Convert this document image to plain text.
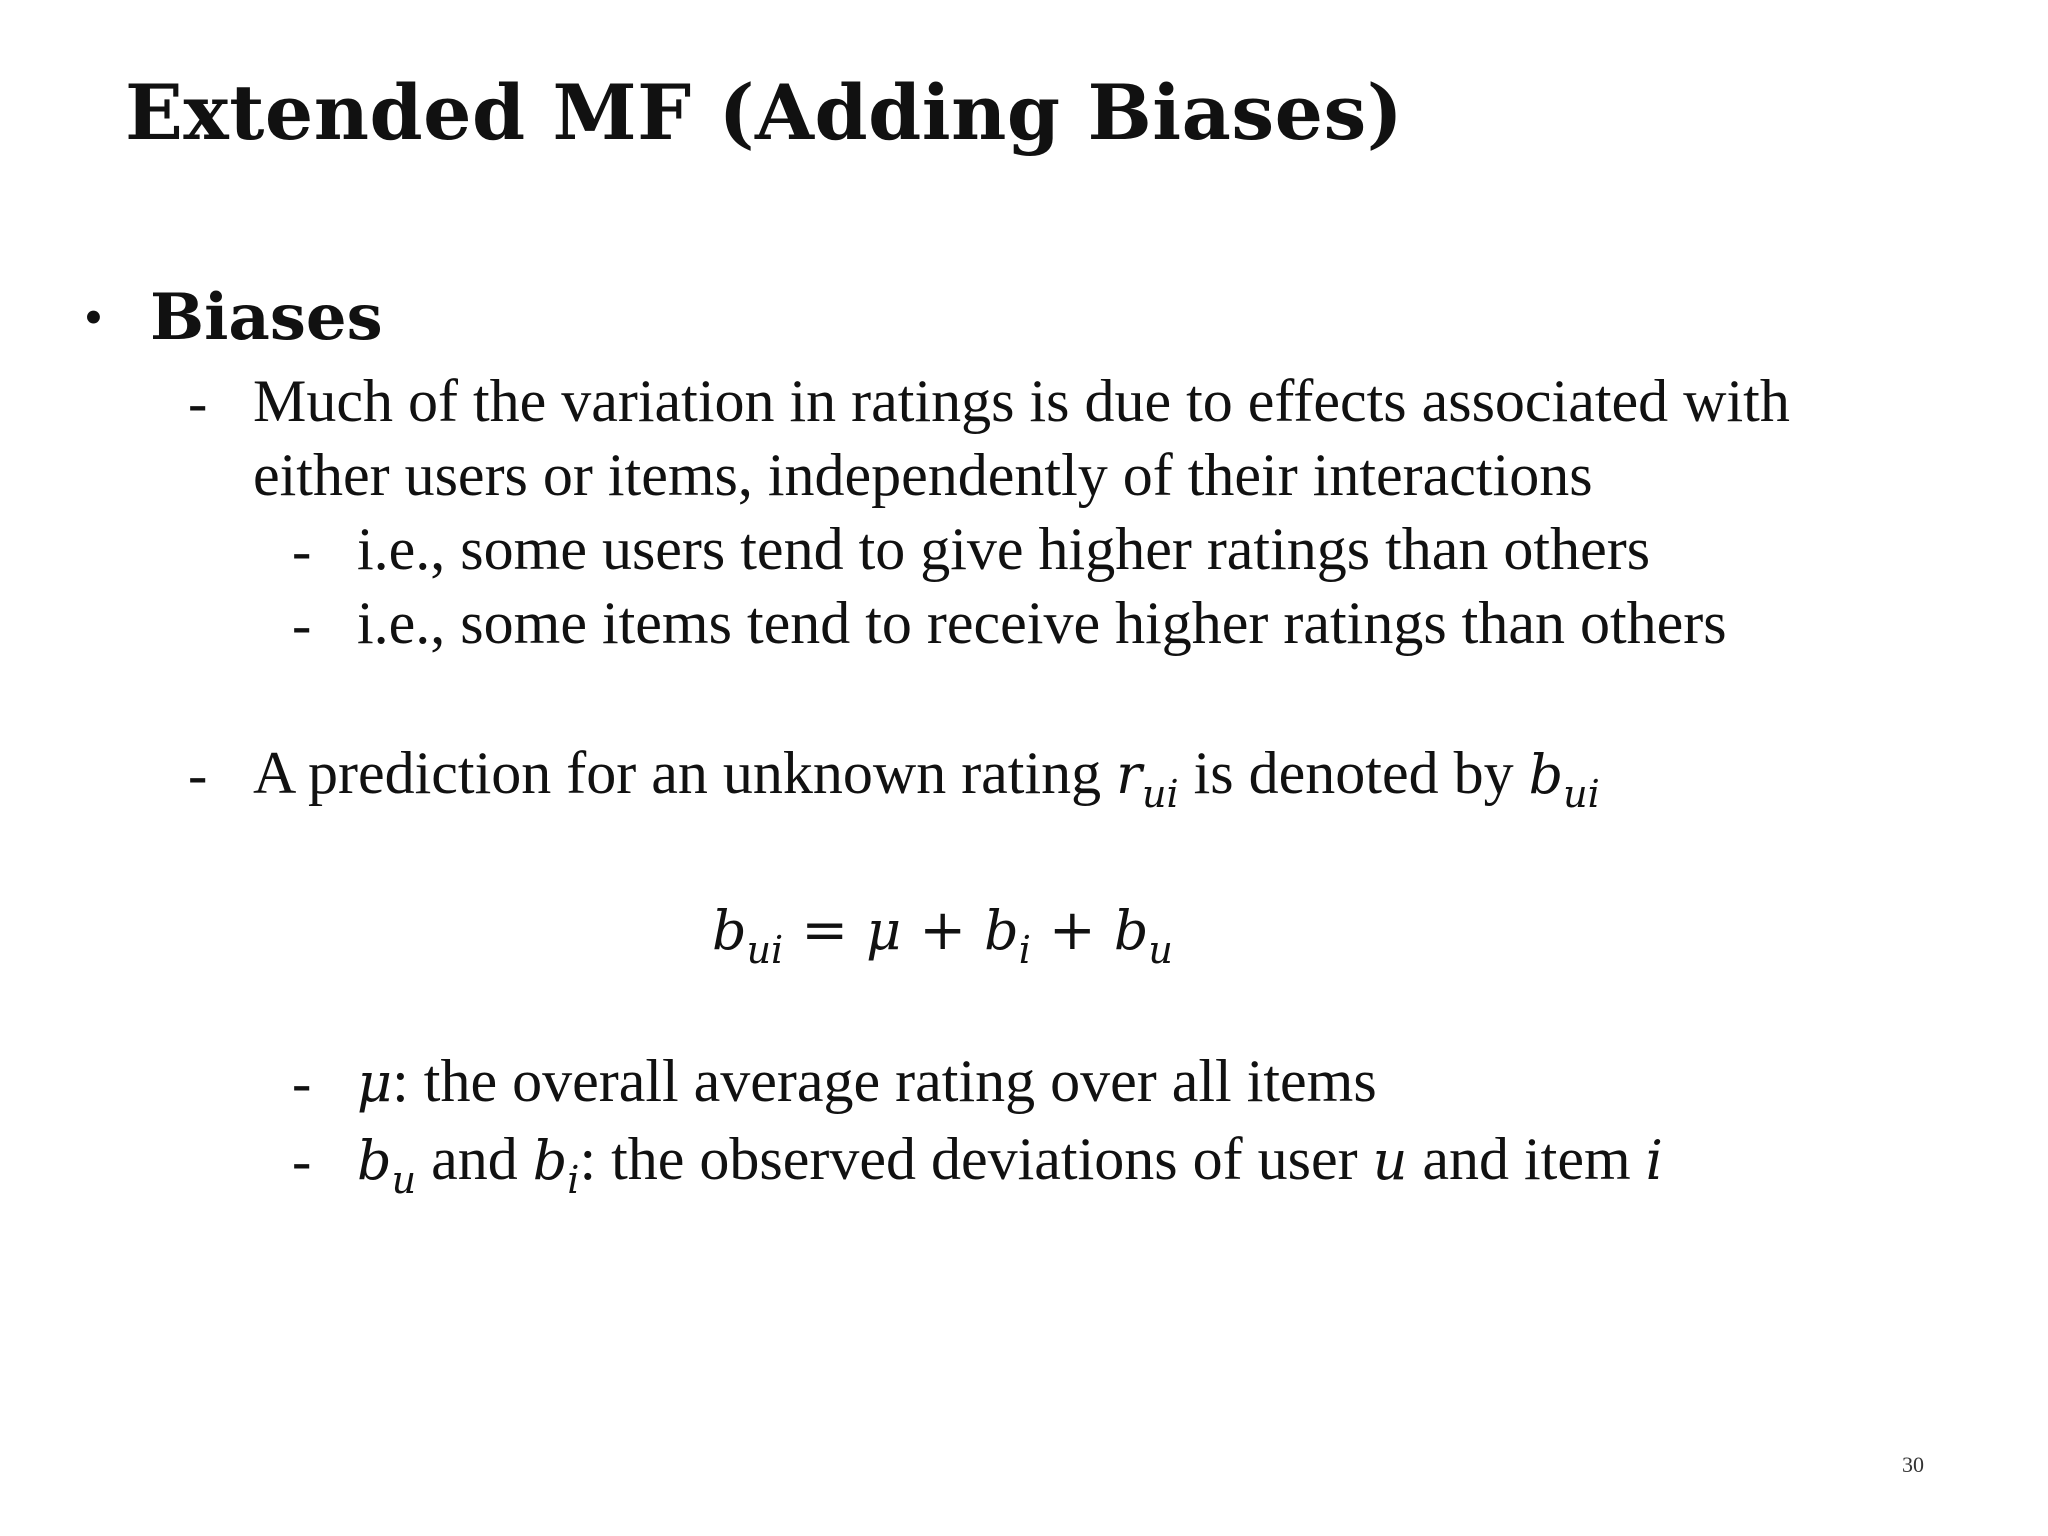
Extended MF (Adding Biases)
• Biases
- Much of the variation in ratings is due to effects associated with
either users or items, independently of their interactions
- i.e., some users tend to give higher ratings than others
- i.e., some items tend to receive higher ratings than others
- A prediction for an unknown rating $r_{ui}$ is denoted by $b_{ui}$
$b_{ui} = \mu + b_i + b_u$
- μ: the overall average rating over all items
- $b_u$ and $b_i$: the observed deviations of user u and item i
30
